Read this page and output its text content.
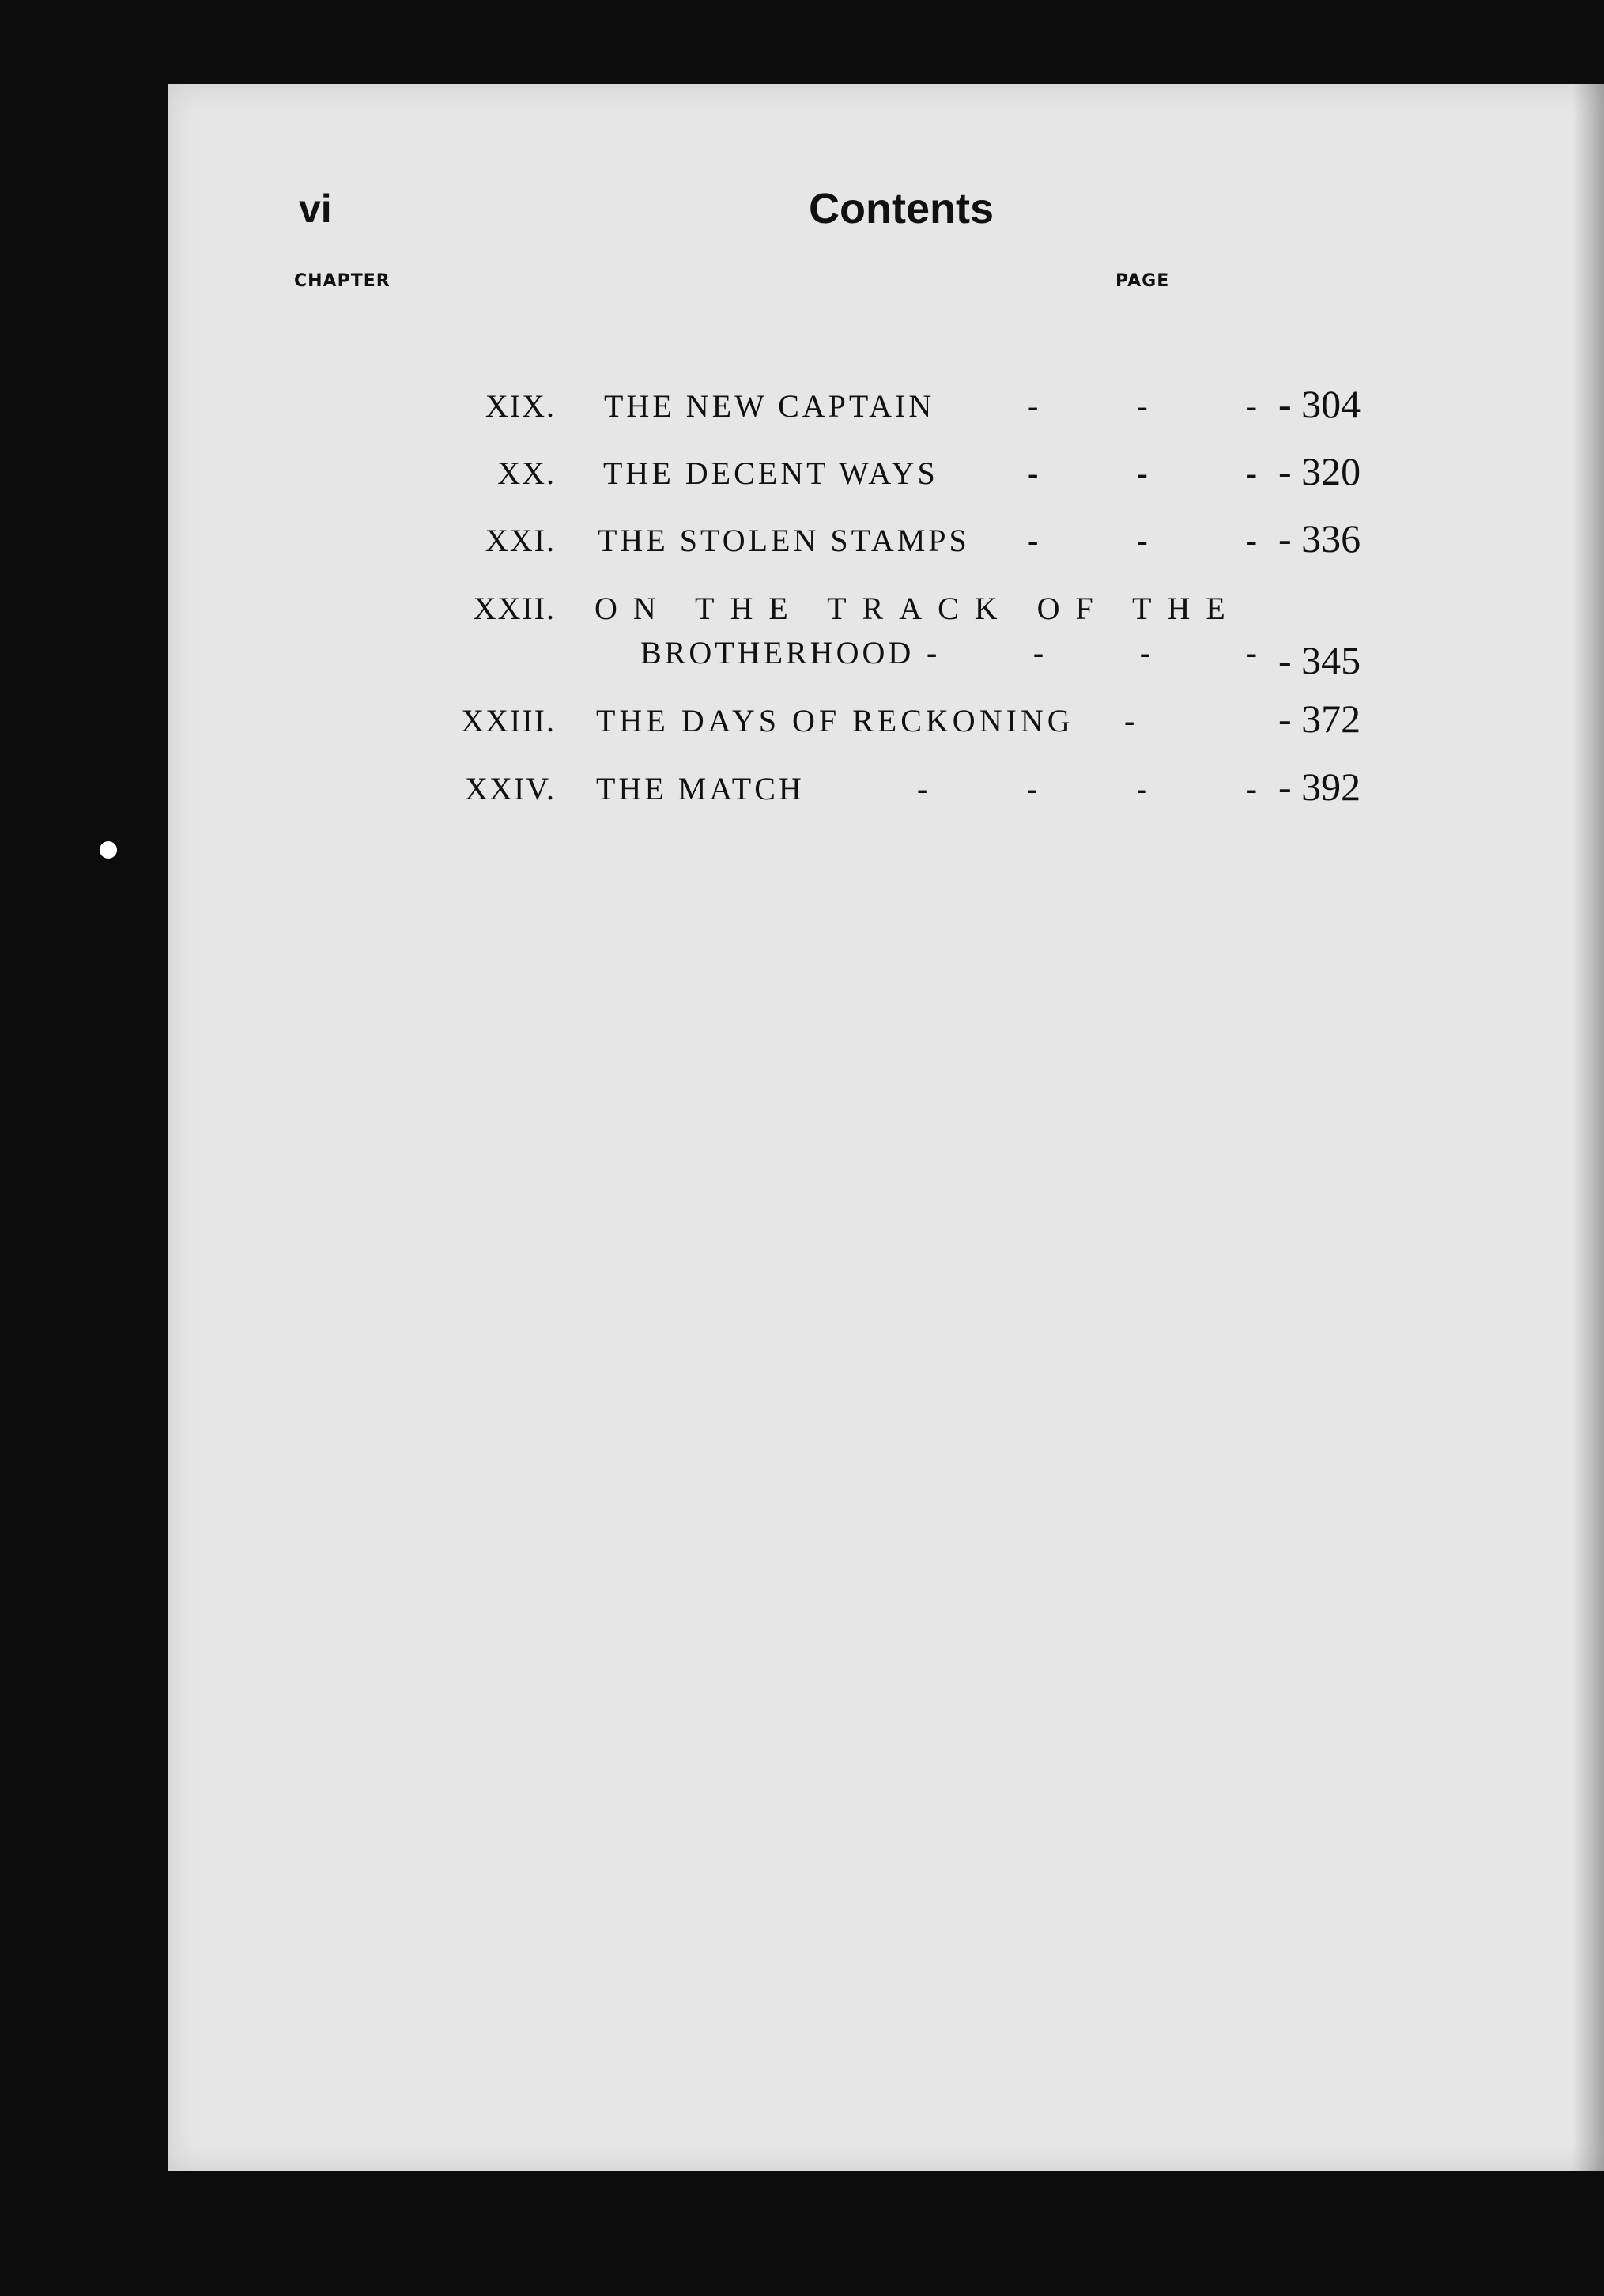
vi	Contents
CHAPTER	PAGE
XIX. THE NEW CAPTAIN	-	-	- - 304
XX. THE DECENT WAYS	-	-	- - 320
XXI. THE STOLEN STAMPS -	-	- - 336
XXII. ON THE TRACK OF THE
BROTHERHOOD -	-	-	- - 345
XXIII. THE DAYS OF RECKONING -	- 372
XXIV. THE MATCH	-	-	-	- - 392
